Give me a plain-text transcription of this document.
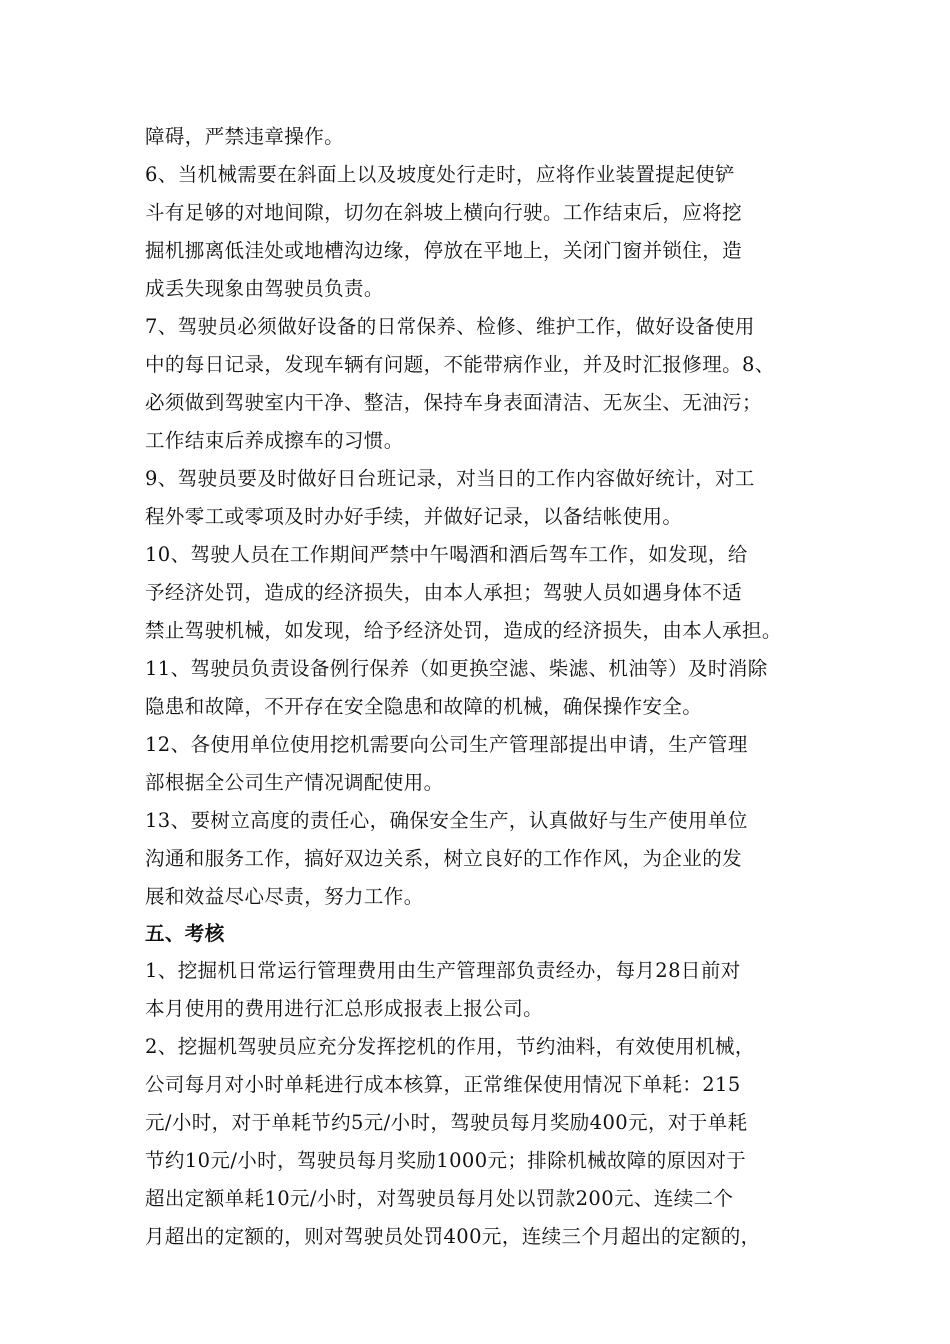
障碍，严禁违章操作。
6、当机械需要在斜面上以及坡度处行走时，应将作业装置提起使铲
斗有足够的对地间隙，切勿在斜坡上横向行驶。工作结束后，应将挖
掘机挪离低洼处或地槽沟边缘，停放在平地上，关闭门窗并锁住，造
成丢失现象由驾驶员负责。
7、驾驶员必须做好设备的日常保养、检修、维护工作，做好设备使用
中的每日记录，发现车辆有问题，不能带病作业，并及时汇报修理。8、
必须做到驾驶室内干净、整洁，保持车身表面清洁、无灰尘、无油污；
工作结束后养成擦车的习惯。
9、驾驶员要及时做好日台班记录，对当日的工作内容做好统计，对工
程外零工或零项及时办好手续，并做好记录，以备结帐使用。
10、驾驶人员在工作期间严禁中午喝酒和酒后驾车工作，如发现，给
予经济处罚，造成的经济损失，由本人承担；驾驶人员如遇身体不适
禁止驾驶机械，如发现，给予经济处罚，造成的经济损失，由本人承担。
11、驾驶员负责设备例行保养（如更换空滤、柴滤、机油等）及时消除
隐患和故障，不开存在安全隐患和故障的机械，确保操作安全。
12、各使用单位使用挖机需要向公司生产管理部提出申请，生产管理
部根据全公司生产情况调配使用。
13、要树立高度的责任心，确保安全生产，认真做好与生产使用单位
沟通和服务工作，搞好双边关系，树立良好的工作作风，为企业的发
展和效益尽心尽责，努力工作。
五、考核
1、挖掘机日常运行管理费用由生产管理部负责经办，每月28日前对
本月使用的费用进行汇总形成报表上报公司。
2、挖掘机驾驶员应充分发挥挖机的作用，节约油料，有效使用机械，
公司每月对小时单耗进行成本核算，正常维保使用情况下单耗：215
元/小时，对于单耗节约5元/小时，驾驶员每月奖励400元，对于单耗
节约10元/小时，驾驶员每月奖励1000元；排除机械故障的原因对于
超出定额单耗10元/小时，对驾驶员每月处以罚款200元、连续二个
月超出的定额的，则对驾驶员处罚400元，连续三个月超出的定额的，
